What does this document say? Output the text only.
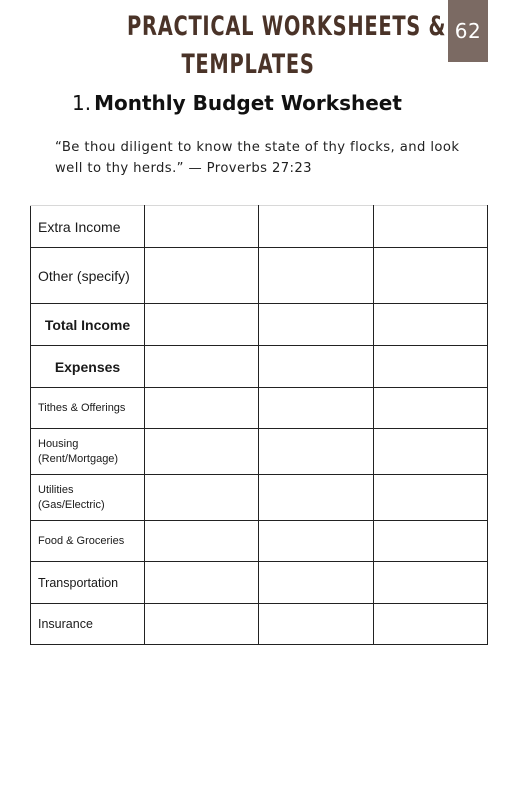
62
PRACTICAL WORKSHEETS &
TEMPLATES
1. Monthly Budget Worksheet

“Be thou diligent to know the state of thy flocks, and look well to thy herds.” — Proverbs 27:23

Extra Income			
Other (specify)			
Total Income			
Expenses			
Tithes & Offerings			
Housing (Rent/Mortgage)			
Utilities (Gas/Electric)			
Food & Groceries			
Transportation			
Insurance			
